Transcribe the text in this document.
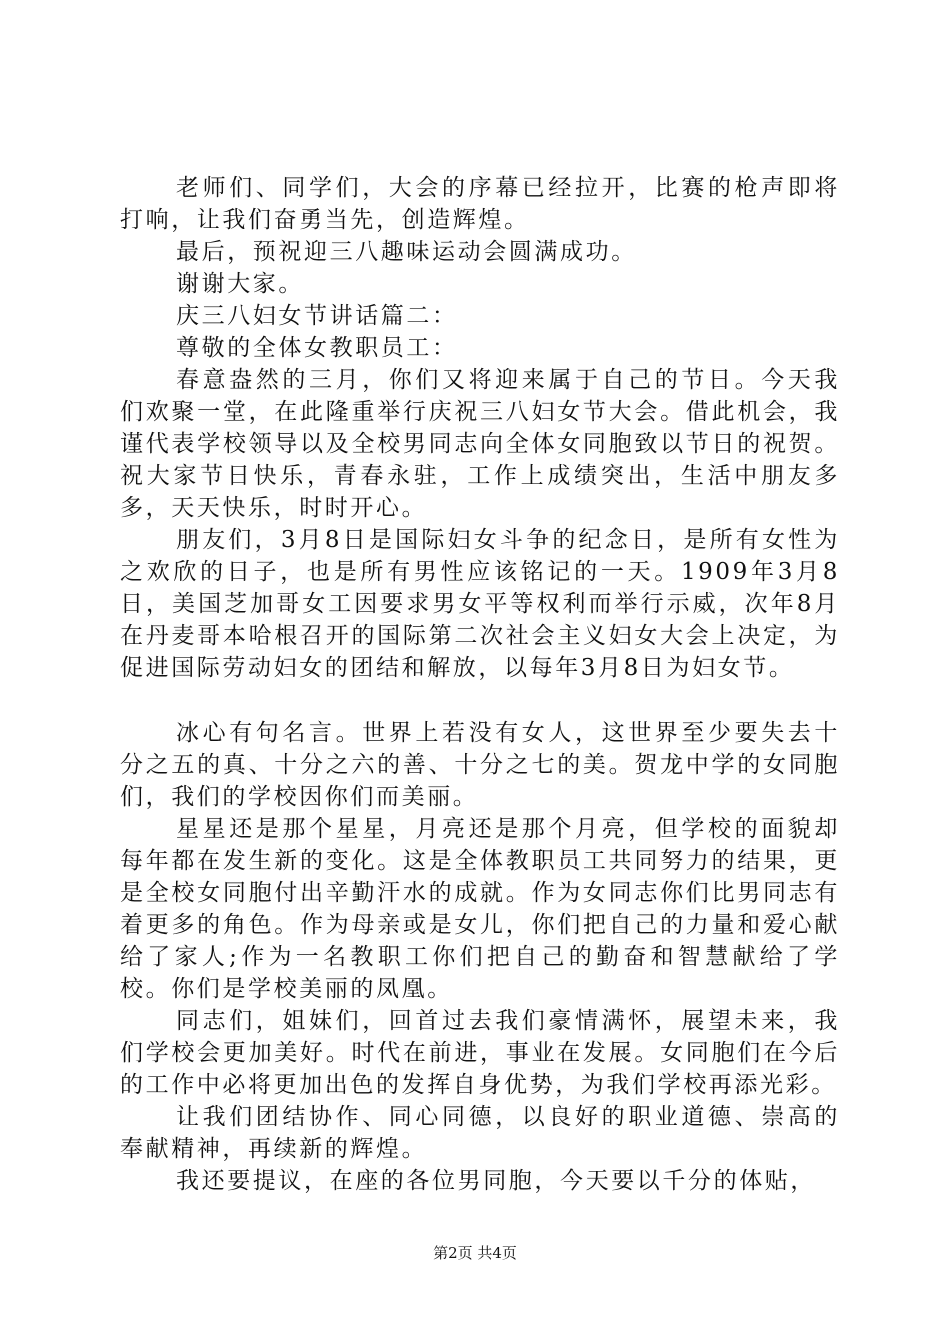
老师们、同学们，大会的序幕已经拉开，比赛的枪声即将打响，让我们奋勇当先，创造辉煌。

最后，预祝迎三八趣味运动会圆满成功。

谢谢大家。

庆三八妇女节讲话篇二：

尊敬的全体女教职员工：

春意盎然的三月，你们又将迎来属于自己的节日。今天我们欢聚一堂，在此隆重举行庆祝三八妇女节大会。借此机会，我谨代表学校领导以及全校男同志向全体女同胞致以节日的祝贺。祝大家节日快乐，青春永驻，工作上成绩突出，生活中朋友多多，天天快乐，时时开心。

朋友们，3月8日是国际妇女斗争的纪念日，是所有女性为之欢欣的日子，也是所有男性应该铭记的一天。1909年3月8日，美国芝加哥女工因要求男女平等权利而举行示威，次年8月在丹麦哥本哈根召开的国际第二次社会主义妇女大会上决定，为促进国际劳动妇女的团结和解放，以每年3月8日为妇女节。

冰心有句名言。世界上若没有女人，这世界至少要失去十分之五的真、十分之六的善、十分之七的美。贺龙中学的女同胞们，我们的学校因你们而美丽。

星星还是那个星星，月亮还是那个月亮，但学校的面貌却每年都在发生新的变化。这是全体教职员工共同努力的结果，更是全校女同胞付出辛勤汗水的成就。作为女同志你们比男同志有着更多的角色。作为母亲或是女儿，你们把自己的力量和爱心献给了家人;作为一名教职工你们把自己的勤奋和智慧献给了学校。你们是学校美丽的凤凰。

同志们，姐妹们，回首过去我们豪情满怀，展望未来，我们学校会更加美好。时代在前进，事业在发展。女同胞们在今后的工作中必将更加出色的发挥自身优势，为我们学校再添光彩。

让我们团结协作、同心同德，以良好的职业道德、崇高的奉献精神，再续新的辉煌。

我还要提议，在座的各位男同胞，今天要以千分的体贴，

第2页 共4页
